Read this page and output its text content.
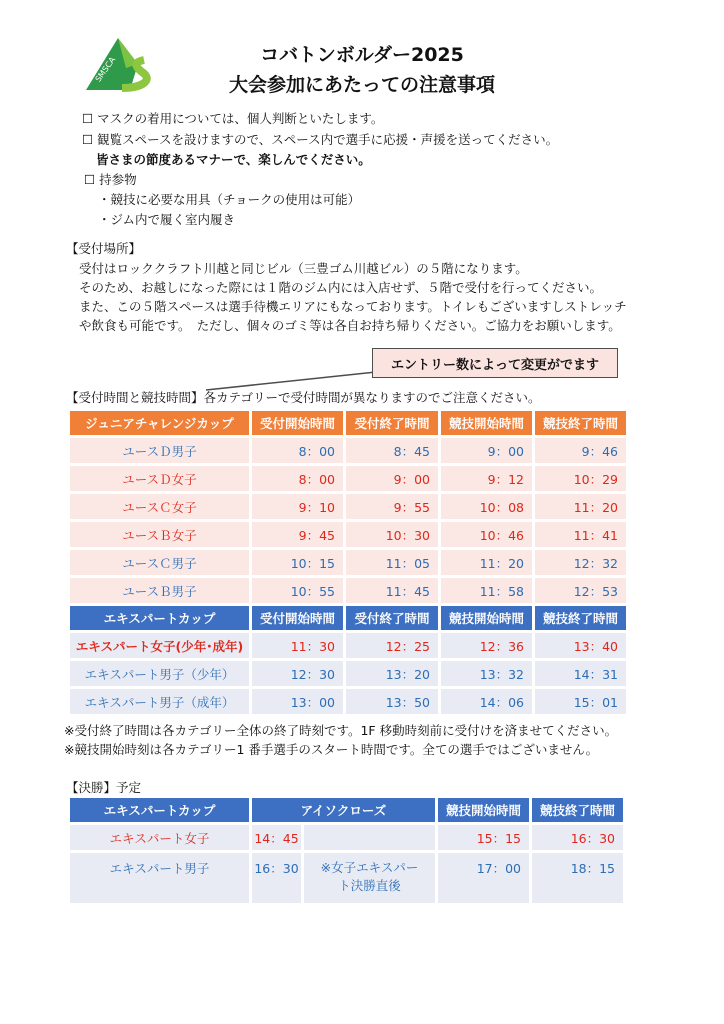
SMSCA
コバトンボルダー2025
大会参加にあたっての注意事項
☐ マスクの着用については、個人判断といたします。
☐ 観覧スペースを設けますので、スペース内で選手に応援・声援を送ってください。
皆さまの節度あるマナーで、楽しんでください。
☐ 持参物
・競技に必要な用具（チョークの使用は可能）
・ジム内で履く室内履き
【受付場所】
受付はロッククラフト川越と同じビル（三豊ゴム川越ビル）の５階になります。
そのため、お越しになった際には１階のジム内には入店せず、５階で受付を行ってください。
また、この５階スペースは選手待機エリアにもなっております。トイレもございますしストレッチ
や飲食も可能です。　ただし、個々のゴミ等は各自お持ち帰りください。ご協力をお願いします。
エントリー数によって変更がでます
【受付時間と競技時間】各カテゴリーで受付時間が異なりますのでご注意ください。
ジュニアチャレンジカップ	受付開始時間	受付終了時間	競技開始時間	競技終了時間
ユースＤ男子	8：00	8：45	9：00	9：46
ユースＤ女子	8：00	9：00	9：12	10：29
ユースＣ女子	9：10	9：55	10：08	11：20
ユースＢ女子	9：45	10：30	10：46	11：41
ユースＣ男子	10：15	11：05	11：20	12：32
ユースＢ男子	10：55	11：45	11：58	12：53
エキスパートカップ	受付開始時間	受付終了時間	競技開始時間	競技終了時間
エキスパート女子(少年･成年)	11：30	12：25	12：36	13：40
エキスパート男子（少年）	12：30	13：20	13：32	14：31
エキスパート男子（成年）	13：00	13：50	14：06	15：01
※受付終了時間は各カテゴリー全体の終了時刻です。1F 移動時刻前に受付けを済ませてください。
※競技開始時刻は各カテゴリー1 番手選手のスタート時間です。全ての選手ではございません。
【決勝】予定
エキスパートカップ	アイソクローズ		競技開始時間	競技終了時間
エキスパート女子	14：45		15：15	16：30
エキスパート男子	16：30	※女子エキスパート決勝直後	17：00	18：15
